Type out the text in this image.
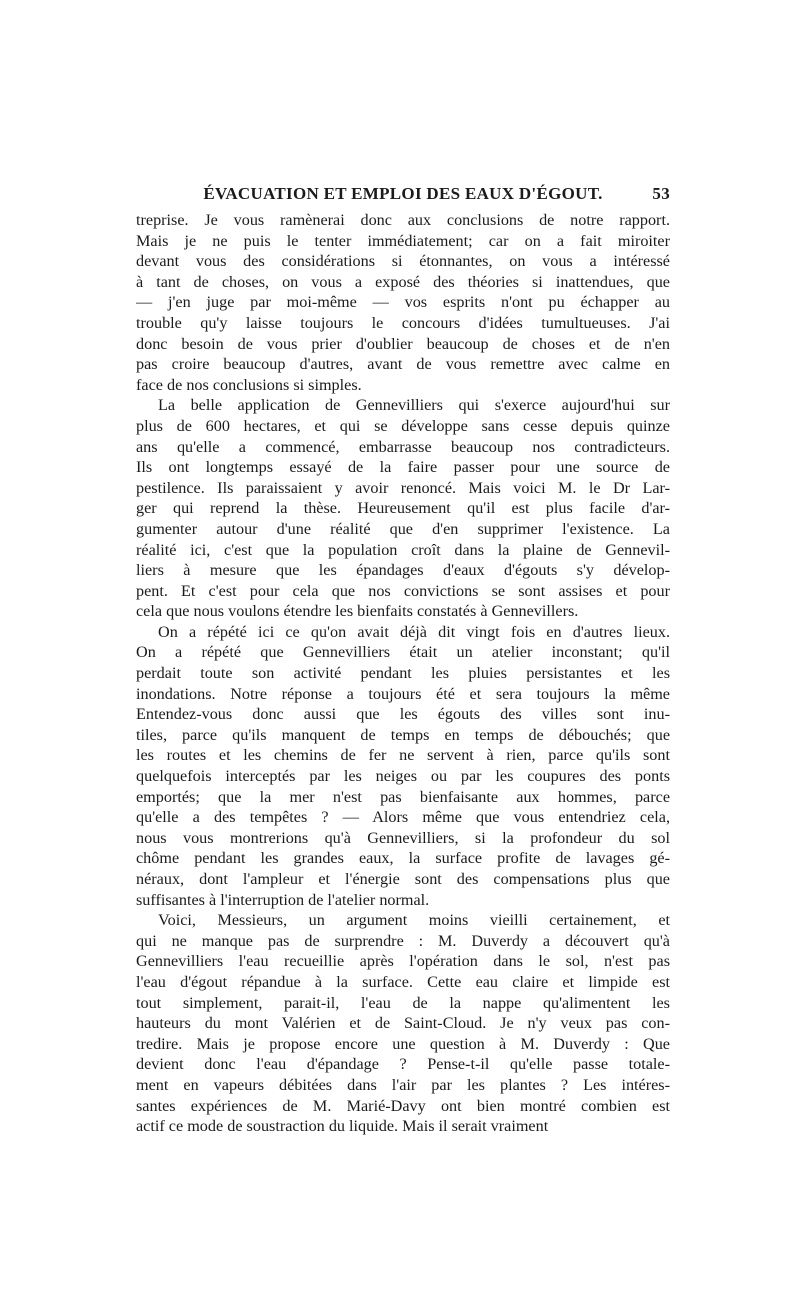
ÉVACUATION ET EMPLOI DES EAUX D'ÉGOUT.	53

treprise. Je vous ramènerai donc aux conclusions de notre rapport.
Mais je ne puis le tenter immédiatement; car on a fait miroiter
devant vous des considérations si étonnantes, on vous a intéressé
à tant de choses, on vous a exposé des théories si inattendues, que
— j'en juge par moi-même — vos esprits n'ont pu échapper au
trouble qu'y laisse toujours le concours d'idées tumultueuses. J'ai
donc besoin de vous prier d'oublier beaucoup de choses et de n'en
pas croire beaucoup d'autres, avant de vous remettre avec calme en
face de nos conclusions si simples.

La belle application de Gennevilliers qui s'exerce aujourd'hui sur
plus de 600 hectares, et qui se développe sans cesse depuis quinze
ans qu'elle a commencé, embarrasse beaucoup nos contradicteurs.
Ils ont longtemps essayé de la faire passer pour une source de
pestilence. Ils paraissaient y avoir renoncé. Mais voici M. le Dr Lar-
ger qui reprend la thèse. Heureusement qu'il est plus facile d'ar-
gumenter autour d'une réalité que d'en supprimer l'existence. La
réalité ici, c'est que la population croît dans la plaine de Gennevil-
liers à mesure que les épandages d'eaux d'égouts s'y dévelop-
pent. Et c'est pour cela que nos convictions se sont assises et pour
cela que nous voulons étendre les bienfaits constatés à Gennevillers.

On a répété ici ce qu'on avait déjà dit vingt fois en d'autres lieux.
On a répété que Gennevilliers était un atelier inconstant; qu'il
perdait toute son activité pendant les pluies persistantes et les
inondations. Notre réponse a toujours été et sera toujours la même
Entendez-vous donc aussi que les égouts des villes sont inu-
tiles, parce qu'ils manquent de temps en temps de débouchés; que
les routes et les chemins de fer ne servent à rien, parce qu'ils sont
quelquefois interceptés par les neiges ou par les coupures des ponts
emportés; que la mer n'est pas bienfaisante aux hommes, parce
qu'elle a des tempêtes ? — Alors même que vous entendriez cela,
nous vous montrerions qu'à Gennevilliers, si la profondeur du sol
chôme pendant les grandes eaux, la surface profite de lavages gé-
néraux, dont l'ampleur et l'énergie sont des compensations plus que
suffisantes à l'interruption de l'atelier normal.

Voici, Messieurs, un argument moins vieilli certainement, et
qui ne manque pas de surprendre : M. Duverdy a découvert qu'à
Gennevilliers l'eau recueillie après l'opération dans le sol, n'est pas
l'eau d'égout répandue à la surface. Cette eau claire et limpide est
tout simplement, parait-il, l'eau de la nappe qu'alimentent les
hauteurs du mont Valérien et de Saint-Cloud. Je n'y veux pas con-
tredire. Mais je propose encore une question à M. Duverdy : Que
devient donc l'eau d'épandage ? Pense-t-il qu'elle passe totale-
ment en vapeurs débitées dans l'air par les plantes ? Les intéres-
santes expériences de M. Marié-Davy ont bien montré combien est
actif ce mode de soustraction du liquide. Mais il serait vraiment
